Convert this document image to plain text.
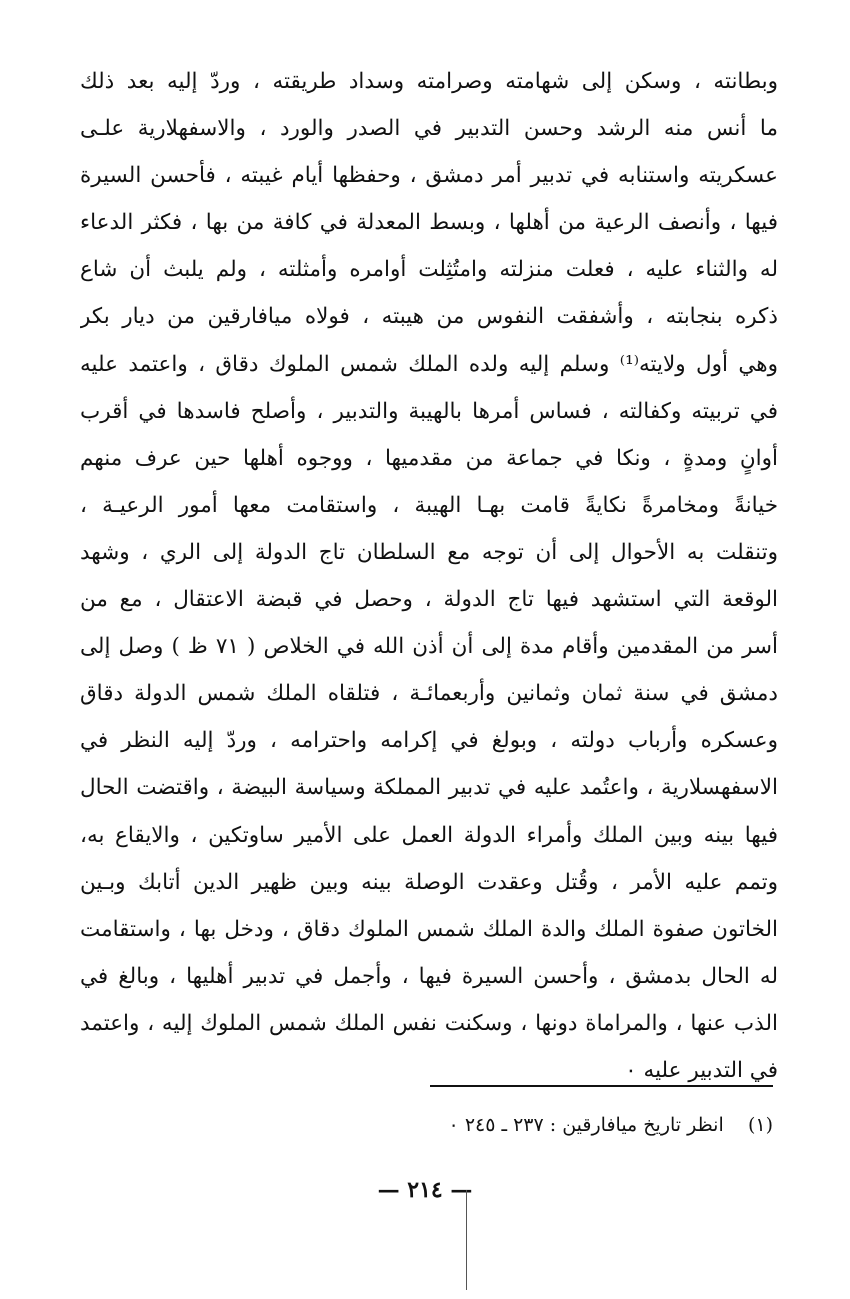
وبطانته ، وسكن إلى شهامته وصرامته وسداد طريقته ، وردّ إليه بعد ذلك
ما أنس منه الرشد وحسن التدبير في الصدر والورد ، والاسفهلارية علـى
عسكريته واستنابه في تدبير أمر دمشق ، وحفظها أيام غيبته ، فأحسن السيرة
فيها ، وأنصف الرعية من أهلها ، وبسط المعدلة في كافة من بها ، فكثر الدعاء
له والثناء عليه ، فعلت منزلته وامتُثِلت أوامره وأمثلته ، ولم يلبث أن شاع
ذكره بنجابته ، وأشفقت النفوس من هيبته ، فولاه ميافارقين من ديار بكر
وهي أول ولايته⁽¹⁾ وسلم إليه ولده الملك شمس الملوك دقاق ، واعتمد عليه
في تربيته وكفالته ، فساس أمرها بالهيبة والتدبير ، وأصلح فاسدها في أقرب
أوانٍ ومدةٍ ، ونكا في جماعة من مقدميها ، ووجوه أهلها حين عرف منهم
خيانةً ومخامرةً نكايةً قامت بهـا الهيبة ، واستقامت معها أمور الرعيـة ،
وتنقلت به الأحوال إلى أن توجه مع السلطان تاج الدولة إلى الري ، وشهد
الوقعة التي استشهد فيها تاج الدولة ، وحصل في قبضة الاعتقال ، مع من
أسر من المقدمين وأقام مدة إلى أن أذن الله في الخلاص ( ٧١ ظ ) وصل إلى
دمشق في سنة ثمان وثمانين وأربعمائـة ، فتلقاه الملك شمس الدولة دقاق
وعسكره وأرباب دولته ، وبولغ في إكرامه واحترامه ، وردّ إليه النظر في
الاسفهسلارية ، واعتُمد عليه في تدبير المملكة وسياسة البيضة ، واقتضت الحال
فيها بينه وبين الملك وأمراء الدولة العمل على الأمير ساوتكين ، والايقاع به،
وتمم عليه الأمر ، وقُتل وعقدت الوصلة بينه وبين ظهير الدين أتابك وبـين
الخاتون صفوة الملك والدة الملك شمس الملوك دقاق ، ودخل بها ، واستقامت
له الحال بدمشق ، وأحسن السيرة فيها ، وأجمل في تدبير أهليها ، وبالغ في
الذب عنها ، والمراماة دونها ، وسكنت نفس الملك شمس الملوك إليه ، واعتمد
في التدبير عليه ٠
(١)    انظر تاريخ ميافارقين : ٢٣٧ ـ ٢٤٥ ٠
— ٢١٤ —
